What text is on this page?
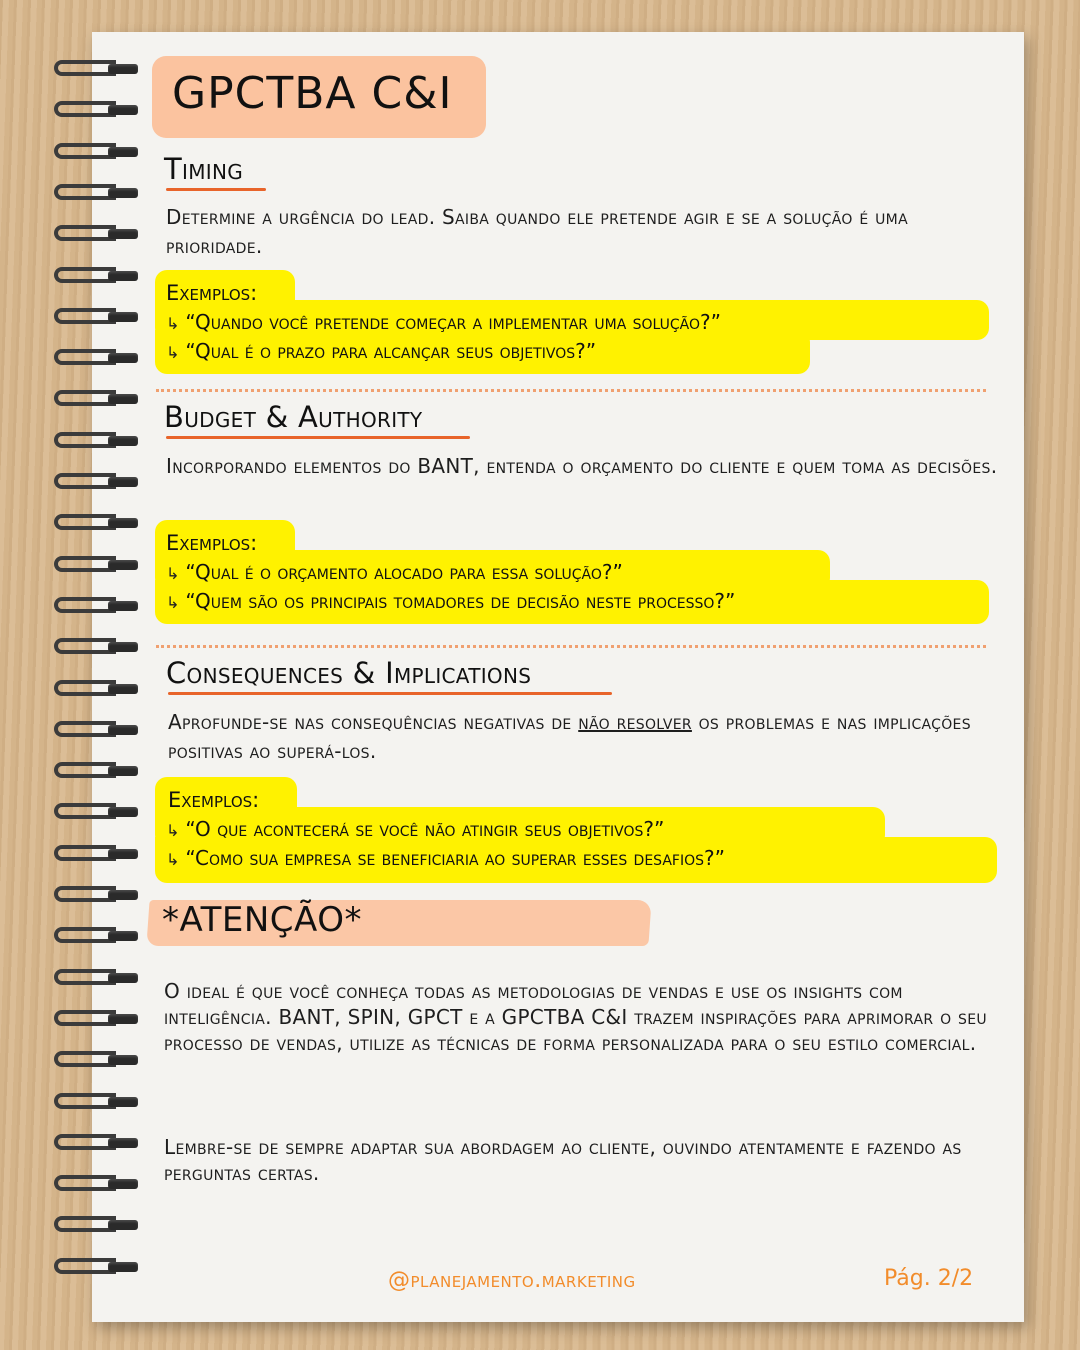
GPCTBA C&I
Timing
Determine a urgência do lead. Saiba quando ele pretende agir e se a solução é uma prioridade.
Exemplos:
↳ “Quando você pretende começar a implementar uma solução?”
↳ “Qual é o prazo para alcançar seus objetivos?”
Budget & Authority
Incorporando elementos do BANT, entenda o orçamento do cliente e quem toma as decisões.
Exemplos:
↳ “Qual é o orçamento alocado para essa solução?”
↳ “Quem são os principais tomadores de decisão neste processo?”
Consequences & Implications
Aprofunde-se nas consequências negativas de não resolver os problemas e nas implicações positivas ao superá-los.
Exemplos:
↳ “O que acontecerá se você não atingir seus objetivos?”
↳ “Como sua empresa se beneficiaria ao superar esses desafios?”
*ATENÇÃO*
O ideal é que você conheça todas as metodologias de vendas e use os insights com inteligência. BANT, SPIN, GPCT e a GPCTBA C&I trazem inspirações para aprimorar o seu processo de vendas, utilize as técnicas de forma personalizada para o seu estilo comercial.
Lembre-se de sempre adaptar sua abordagem ao cliente, ouvindo atentamente e fazendo as perguntas certas.
@planejamento.marketing	Pág. 2/2
